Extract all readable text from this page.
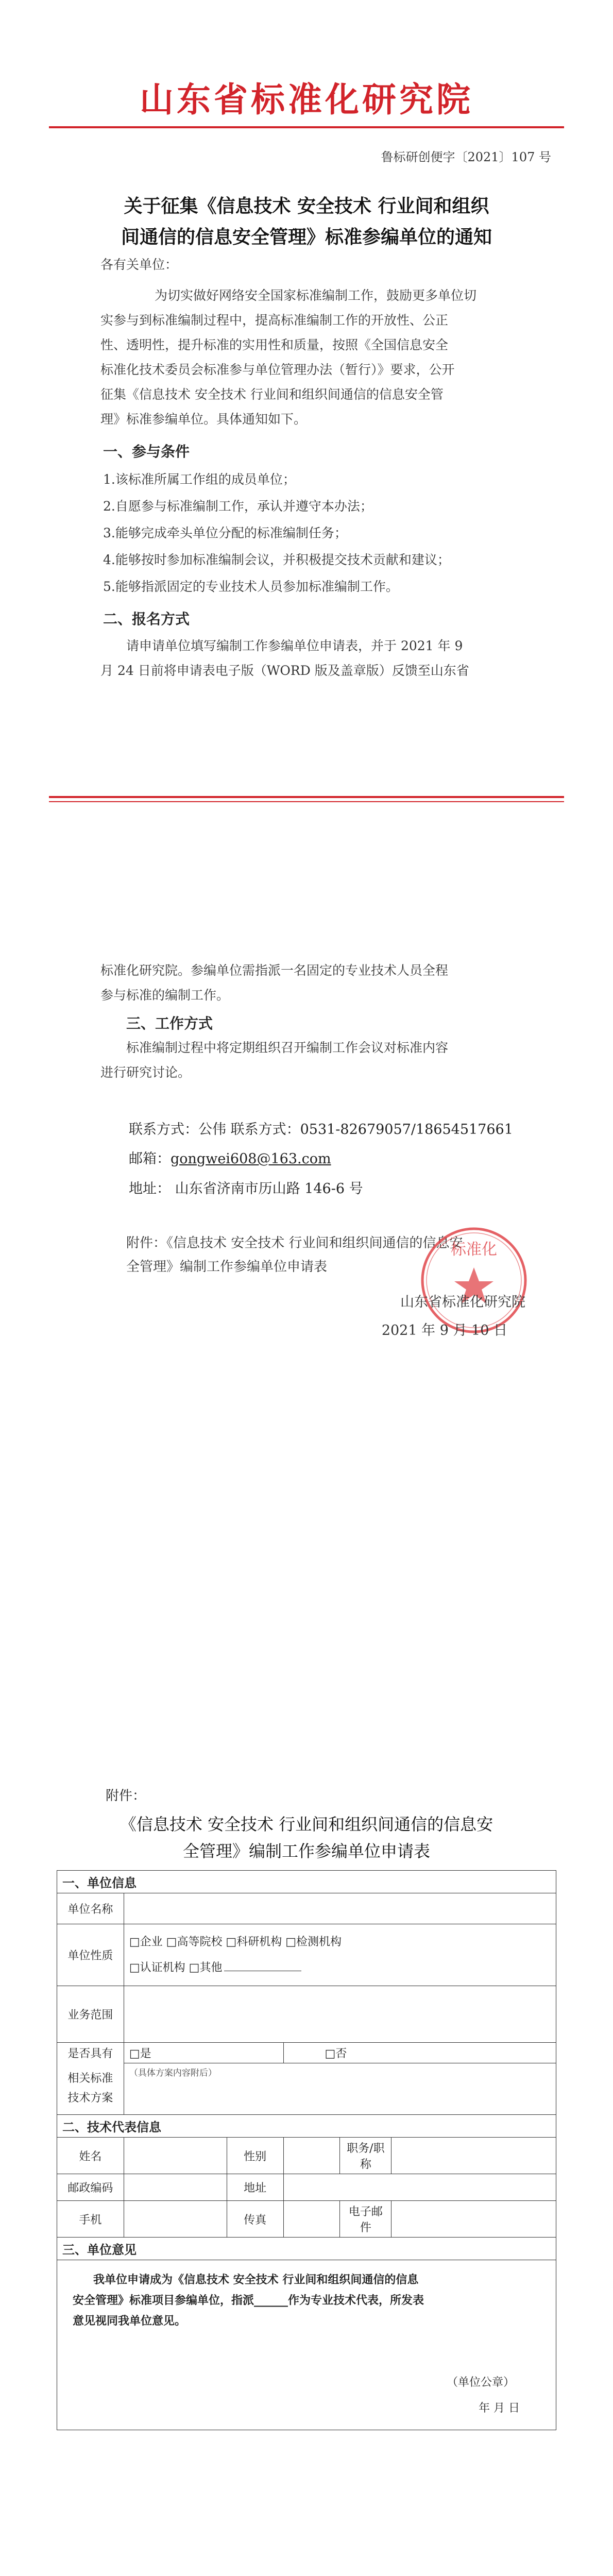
山东省标准化研究院
鲁标研创便字〔2021〕107 号
关于征集《信息技术 安全技术 行业间和组织
间通信的信息安全管理》标准参编单位的通知
各有关单位：
为切实做好网络安全国家标准编制工作，鼓励更多单位切
实参与到标准编制过程中，提高标准编制工作的开放性、公正
性、透明性，提升标准的实用性和质量，按照《全国信息安全
标准化技术委员会标准参与单位管理办法（暂行）》要求，公开
征集《信息技术 安全技术 行业间和组织间通信的信息安全管
理》标准参编单位。具体通知如下。
一、参与条件
1.该标准所属工作组的成员单位；
2.自愿参与标准编制工作，承认并遵守本办法；
3.能够完成牵头单位分配的标准编制任务；
4.能够按时参加标准编制会议，并积极提交技术贡献和建议；
5.能够指派固定的专业技术人员参加标准编制工作。
二、报名方式
请申请单位填写编制工作参编单位申请表，并于 2021 年 9
月 24 日前将申请表电子版（WORD 版及盖章版）反馈至山东省
标准化研究院。参编单位需指派一名固定的专业技术人员全程
参与标准的编制工作。
三、工作方式
标准编制过程中将定期组织召开编制工作会议对标准内容
进行研究讨论。
联系方式：公伟 联系方式：0531-82679057/18654517661
邮箱：gongwei608@163.com
地址： 山东省济南市历山路 146-6 号
附件：《信息技术 安全技术 行业间和组织间通信的信息安
全管理》编制工作参编单位申请表
标准化
山东省标准化研究院
2021 年 9 月 10 日
附件：
《信息技术 安全技术 行业间和组织间通信的信息安
全管理》编制工作参编单位申请表
一、单位信息					
单位名称					
单位性质	□企业 □高等院校 □科研机构 □检测机构
□认证机构 □其他				

业务范围					
是否具有	□是		□否		

相关标准
技术方案	（具体方案内容附后）				
二、技术代表信息					
姓名		性别		职务/职称	
邮政编码		地址			
手机		传真		电子邮件	
三、单位意见					

我单位申请成为《信息技术 安全技术 行业间和组织间通信的信息
安全管理》标准项目参编单位，指派______作为专业技术代表，所发表
意见视同我单位意见。
（单位公章）
年 月 日					
